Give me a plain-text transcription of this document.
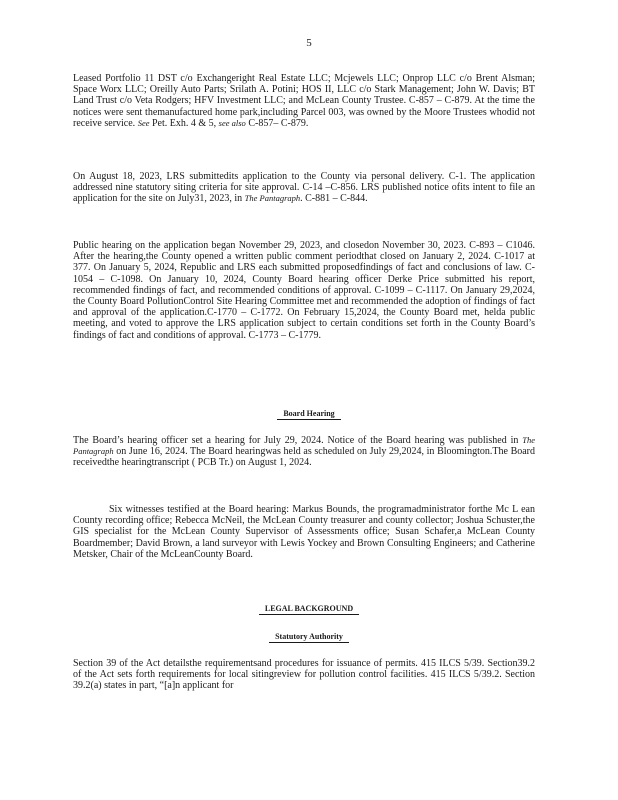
5

Leased Portfolio 11 DST c/o Exchangeright Real Estate LLC; Mcjewels LLC; Onprop LLC c/o Brent Alsman; Space Worx LLC; Oreilly Auto Parts; Srilath A. Potini; HOS II, LLC c/o Stark Management; John W. Davis; BT Land Trust c/o Veta Rodgers; HFV Investment LLC; and McLean County Trustee. C-857 – C-879. At the time the notices were sent themanufactured home park,including Parcel 003, was owned by the Moore Trustees whodid not receive service. See Pet. Exh. 4 & 5, see also C-857– C-879.

On August 18, 2023, LRS submittedits application to the County via personal delivery. C-1. The application addressed nine statutory siting criteria for site approval. C-14 –C-856. LRS published notice ofits intent to file an application for the site on July31, 2023, in The Pantagraph. C-881 – C-844.

Public hearing on the application began November 29, 2023, and closedon November 30, 2023. C-893 – C1046. After the hearing,the County opened a written public comment periodthat closed on January 2, 2024. C-1017 at 377. On January 5, 2024, Republic and LRS each submitted proposedfindings of fact and conclusions of law. C-1054 – C-1098. On January 10, 2024, County Board hearing officer Derke Price submitted his report, recommended findings of fact, and recommended conditions of approval. C-1099 – C-1117. On January 29,2024, the County Board PollutionControl Site Hearing Committee met and recommended the adoption of findings of fact and approval of the application.C-1770 – C-1772. On February 15,2024, the County Board met, helda public meeting, and voted to approve the LRS application subject to certain conditions set forth in the County Board’s findings of fact and conditions of approval. C-1773 – C-1779.

Board Hearing

The Board’s hearing officer set a hearing for July 29, 2024. Notice of the Board hearing was published in The Pantagraph on June 16, 2024. The Board hearingwas held as scheduled on July 29,2024, in Bloomington.The Board receivedthe hearingtranscript ( PCB Tr.) on August 1, 2024.

Six witnesses testified at the Board hearing: Markus Bounds, the programadministrator forthe Mc L ean County recording office; Rebecca McNeil, the McLean County treasurer and county collector; Joshua Schuster,the GIS specialist for the McLean County Supervisor of Assessments office; Susan Schafer,a McLean County Boardmember; David Brown, a land surveyor with Lewis Yockey and Brown Consulting Engineers; and Catherine Metsker, Chair of the McLeanCounty Board.

LEGAL BACKGROUND
Statutory Authority

Section 39 of the Act detailsthe requirementsand procedures for issuance of permits. 415 ILCS 5/39. Section39.2 of the Act sets forth requirements for local sitingreview for pollution control facilities. 415 ILCS 5/39.2. Section 39.2(a) states in part, “[a]n applicant for
